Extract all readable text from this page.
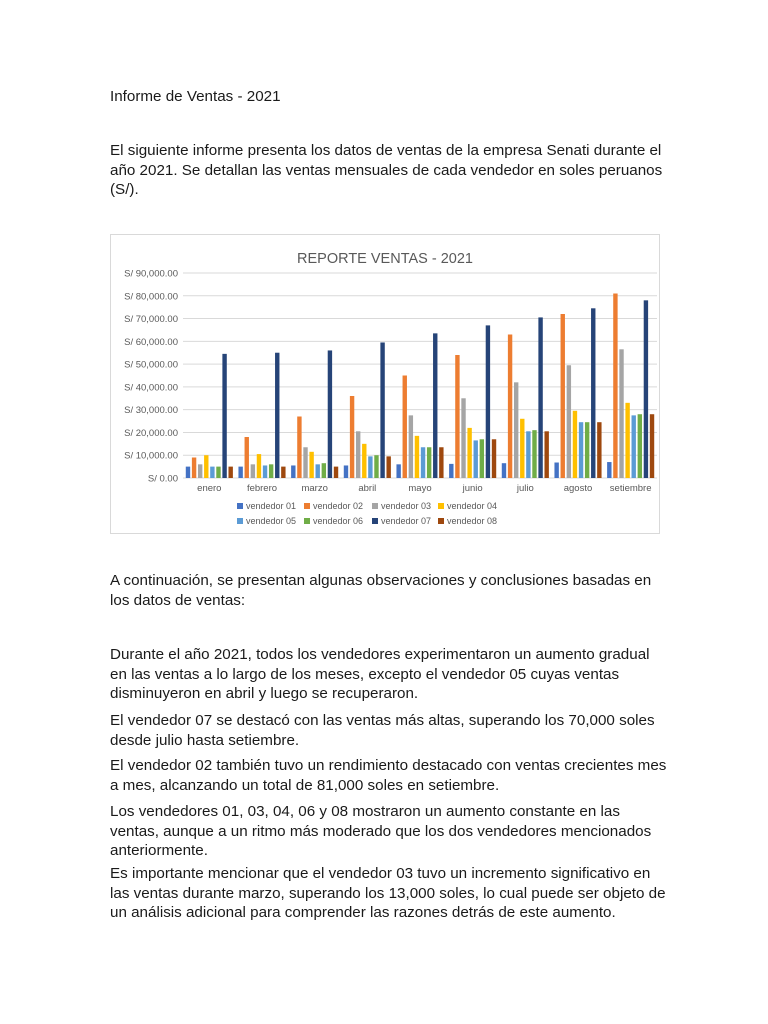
Informe de Ventas - 2021

El siguiente informe presenta los datos de ventas de la empresa Senati durante el año 2021. Se detallan las ventas mensuales de cada vendedor en soles peruanos (S/).

REPORTE VENTAS - 2021
S/ 0.00
S/ 10,000.00
S/ 20,000.00
S/ 30,000.00
S/ 40,000.00
S/ 50,000.00
S/ 60,000.00
S/ 70,000.00
S/ 80,000.00
S/ 90,000.00
enero	febrero	marzo	abril	mayo	junio	julio	agosto setiembre
vendedor 01 vendedor 02 vendedor 03 vendedor 04
vendedor 05 vendedor 06 vendedor 07 vendedor 08

A continuación, se presentan algunas observaciones y conclusiones basadas en los datos de ventas:

Durante el año 2021, todos los vendedores experimentaron un aumento gradual en las ventas a lo largo de los meses, excepto el vendedor 05 cuyas ventas disminuyeron en abril y luego se recuperaron.

El vendedor 07 se destacó con las ventas más altas, superando los 70,000 soles desde julio hasta setiembre.

El vendedor 02 también tuvo un rendimiento destacado con ventas crecientes mes a mes, alcanzando un total de 81,000 soles en setiembre.

Los vendedores 01, 03, 04, 06 y 08 mostraron un aumento constante en las ventas, aunque a un ritmo más moderado que los dos vendedores mencionados anteriormente.

Es importante mencionar que el vendedor 03 tuvo un incremento significativo en las ventas durante marzo, superando los 13,000 soles, lo cual puede ser objeto de un análisis adicional para comprender las razones detrás de este aumento.
